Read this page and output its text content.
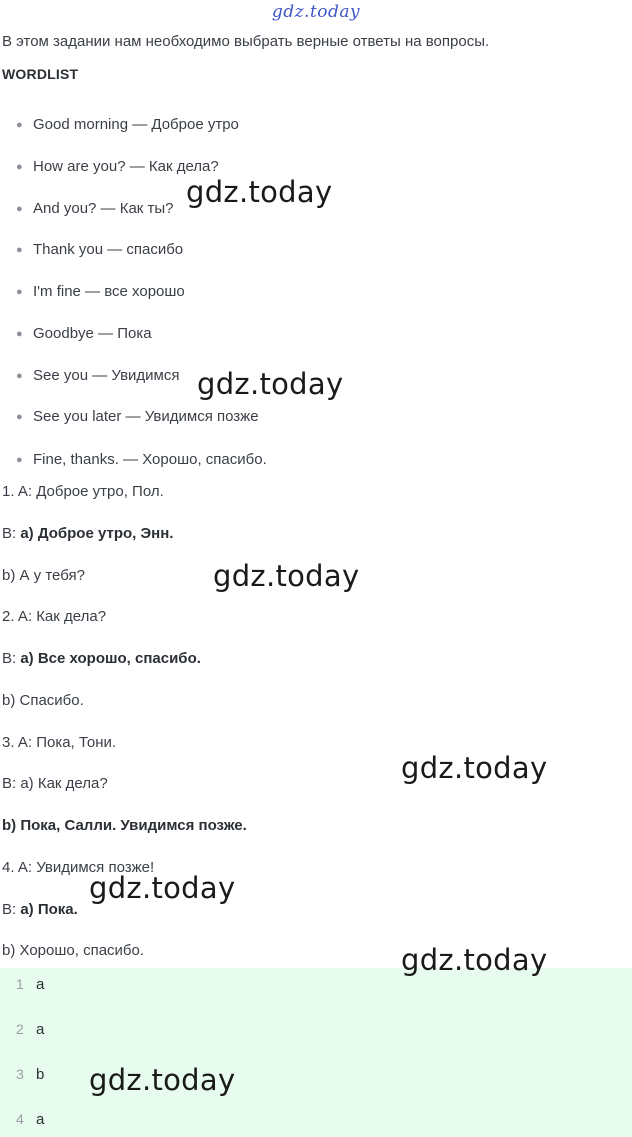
gdz.today
В этом задании нам необходимо выбрать верные ответы на вопросы.
WORDLIST
● Good morning — Доброе утро
● How are you? — Как дела?
● And you? — Как ты?
● Thank you — спасибо
● I'm fine — все хорошо
● Goodbye — Пока
● See you — Увидимся
● See you later — Увидимся позже
● Fine, thanks. — Хорошо, спасибо.
1. A: Доброе утро, Пол.
B: a) Доброе утро, Энн.
b) А у тебя?
2. A: Как дела?
B: a) Все хорошо, спасибо.
b) Спасибо.
3. A: Пока, Тони.
B: a) Как дела?
b) Пока, Салли. Увидимся позже.
4. A: Увидимся позже!
B: a) Пока.
b) Хорошо, спасибо.
1 a
2 a
3 b
4 a
gdz.today
gdz.today
gdz.today
gdz.today
gdz.today
gdz.today
gdz.today
